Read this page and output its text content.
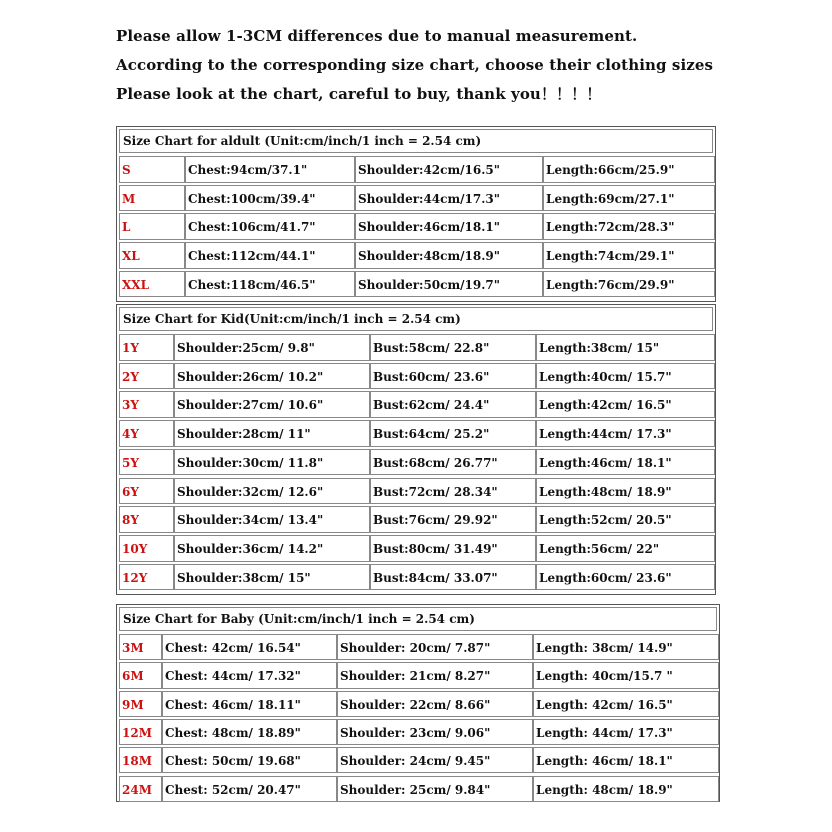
Please allow 1-3CM differences due to manual measurement.
According to the corresponding size chart, choose their clothing sizes
Please look at the chart, careful to buy, thank you！！！！
Size Chart for aldult (Unit:cm/inch/1 inch = 2.54 cm)
S	Chest:94cm/37.1"	Shoulder:42cm/16.5"	Length:66cm/25.9"
M	Chest:100cm/39.4"	Shoulder:44cm/17.3"	Length:69cm/27.1"
L	Chest:106cm/41.7"	Shoulder:46cm/18.1"	Length:72cm/28.3"
XL	Chest:112cm/44.1"	Shoulder:48cm/18.9"	Length:74cm/29.1"
XXL	Chest:118cm/46.5"	Shoulder:50cm/19.7"	Length:76cm/29.9"
Size Chart for Kid(Unit:cm/inch/1 inch = 2.54 cm)
1Y	Shoulder:25cm/ 9.8"	Bust:58cm/ 22.8"	Length:38cm/ 15"
2Y	Shoulder:26cm/ 10.2"	Bust:60cm/ 23.6"	Length:40cm/ 15.7"
3Y	Shoulder:27cm/ 10.6"	Bust:62cm/ 24.4"	Length:42cm/ 16.5"
4Y	Shoulder:28cm/ 11"	Bust:64cm/ 25.2"	Length:44cm/ 17.3"
5Y	Shoulder:30cm/ 11.8"	Bust:68cm/ 26.77"	Length:46cm/ 18.1"
6Y	Shoulder:32cm/ 12.6"	Bust:72cm/ 28.34"	Length:48cm/ 18.9"
8Y	Shoulder:34cm/ 13.4"	Bust:76cm/ 29.92"	Length:52cm/ 20.5"
10Y	Shoulder:36cm/ 14.2"	Bust:80cm/ 31.49"	Length:56cm/ 22"
12Y	Shoulder:38cm/ 15"	Bust:84cm/ 33.07"	Length:60cm/ 23.6"
Size Chart for Baby (Unit:cm/inch/1 inch = 2.54 cm)
3M	Chest: 42cm/ 16.54"	Shoulder: 20cm/ 7.87"	Length: 38cm/ 14.9"
6M	Chest: 44cm/ 17.32"	Shoulder: 21cm/ 8.27"	Length: 40cm/15.7 "
9M	Chest: 46cm/ 18.11"	Shoulder: 22cm/ 8.66"	Length: 42cm/ 16.5"
12M	Chest: 48cm/ 18.89"	Shoulder: 23cm/ 9.06"	Length: 44cm/ 17.3"
18M	Chest: 50cm/ 19.68"	Shoulder: 24cm/ 9.45"	Length: 46cm/ 18.1"
24M	Chest: 52cm/ 20.47"	Shoulder: 25cm/ 9.84"	Length: 48cm/ 18.9"
